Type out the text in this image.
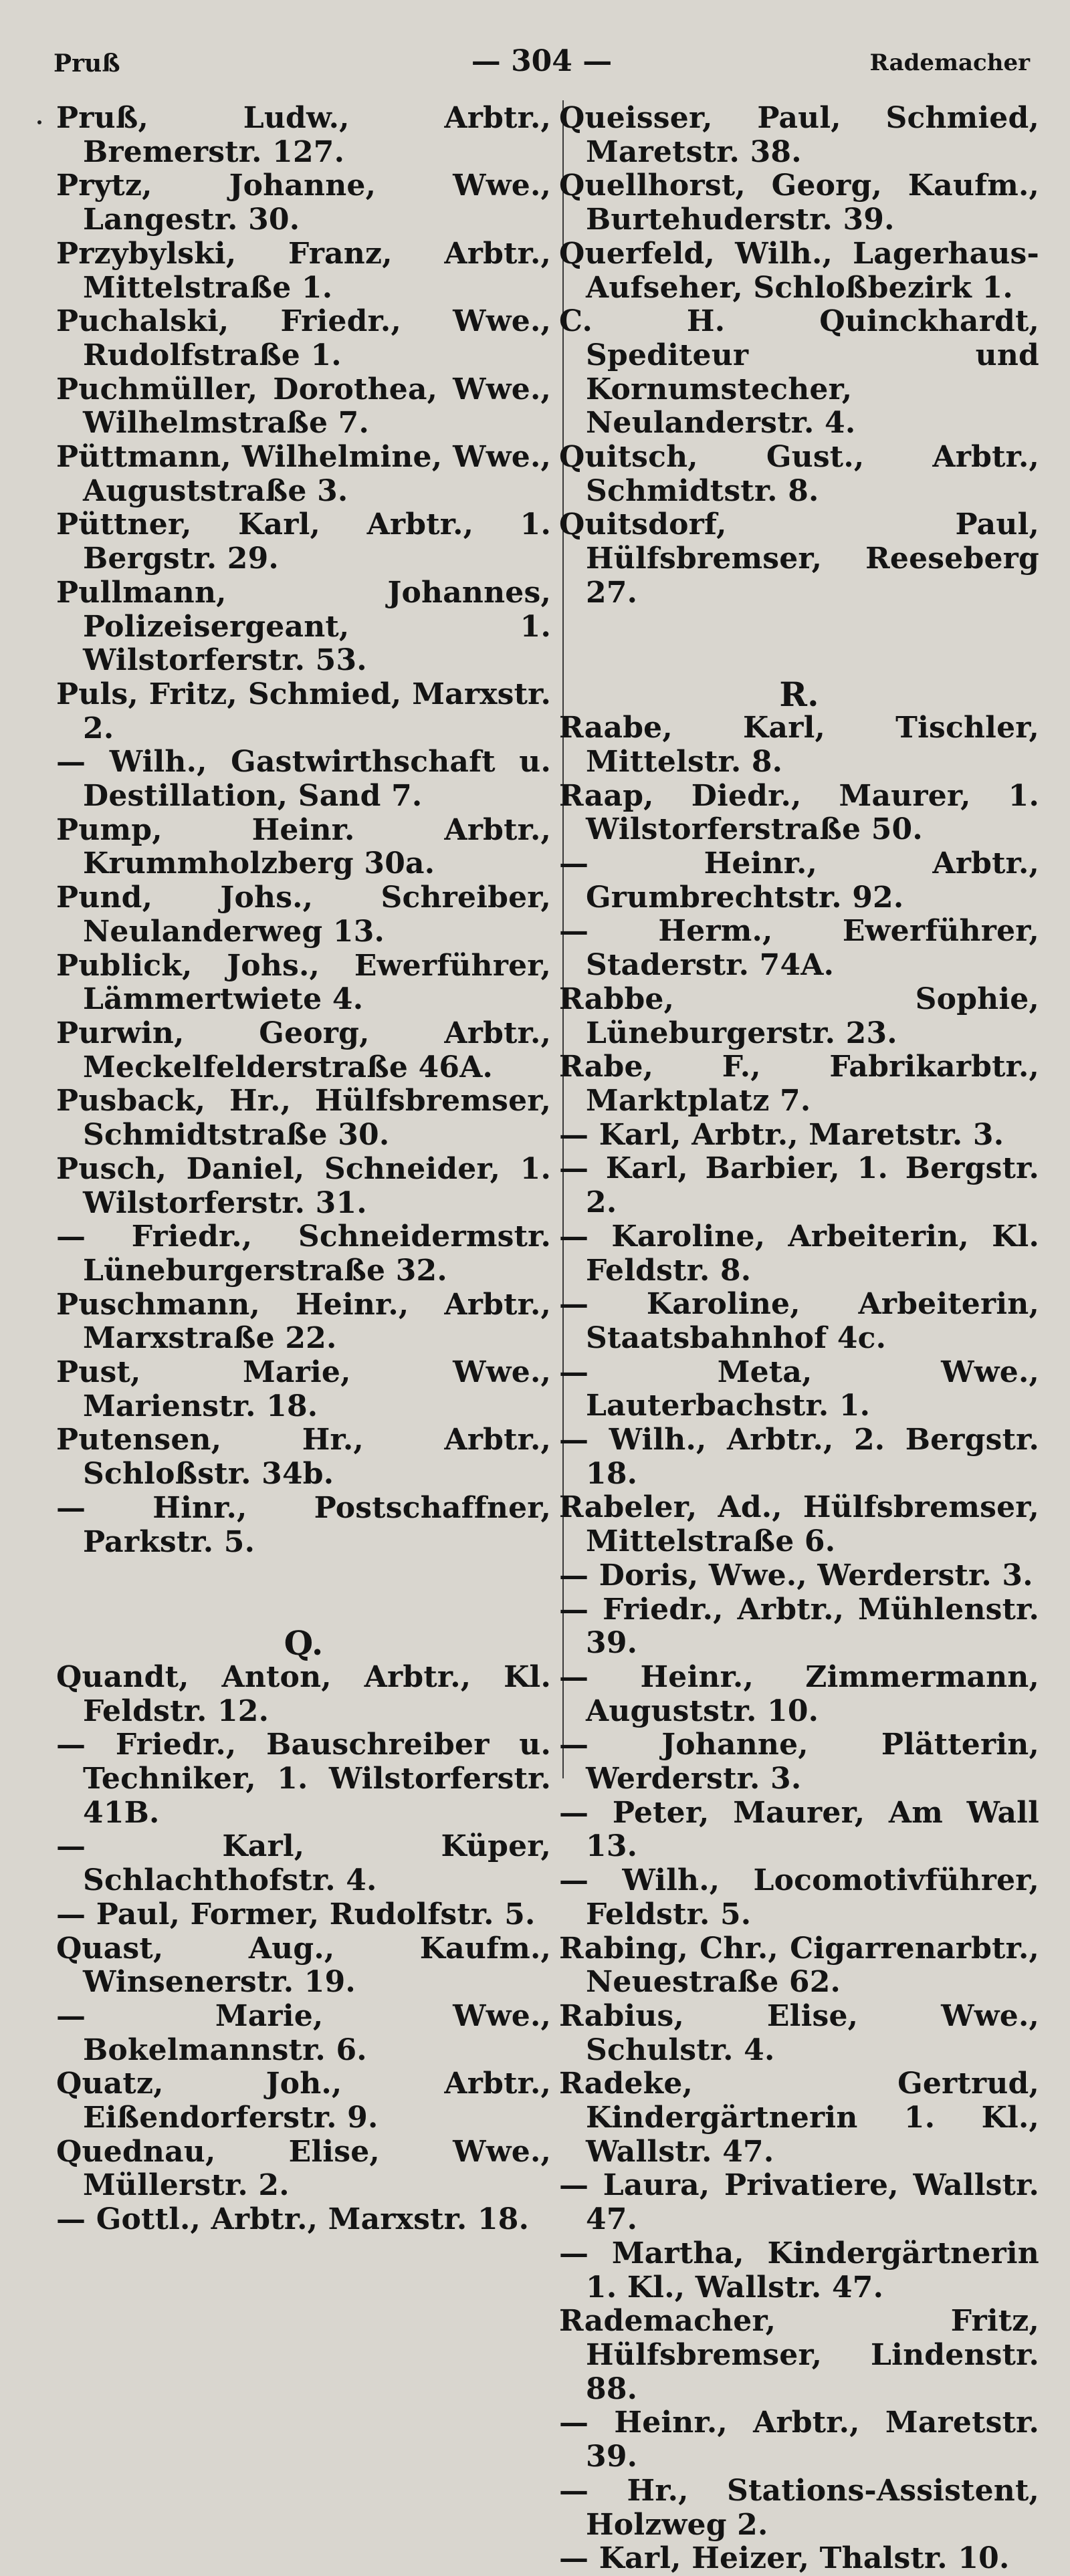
Pruß	— 304 —	Rademacher

Pruß, Ludw., Arbtr., Bremerstr. 127.

Prytz, Johanne, Wwe., Langestr. 30.

Przybylski, Franz, Arbtr., Mittelstraße 1.

Puchalski, Friedr., Wwe., Rudolfstraße 1.

Puchmüller, Dorothea, Wwe., Wilhelmstraße 7.

Püttmann, Wilhelmine, Wwe., Auguststraße 3.

Püttner, Karl, Arbtr., 1. Bergstr. 29.

Pullmann, Johannes, Polizeisergeant, 1. Wilstorferstr. 53.

Puls, Fritz, Schmied, Marxstr. 2.

— Wilh., Gastwirthschaft u. Destillation, Sand 7.

Pump, Heinr. Arbtr., Krummholzberg 30a.

Pund, Johs., Schreiber, Neulanderweg 13.

Publick, Johs., Ewerführer, Lämmertwiete 4.

Purwin, Georg, Arbtr., Meckelfelderstraße 46A.

Pusback, Hr., Hülfsbremser, Schmidtstraße 30.

Pusch, Daniel, Schneider, 1. Wilstorferstr. 31.

— Friedr., Schneidermstr. Lüneburgerstraße 32.

Puschmann, Heinr., Arbtr., Marxstraße 22.

Pust, Marie, Wwe., Marienstr. 18.

Putensen, Hr., Arbtr., Schloßstr. 34b.

— Hinr., Postschaffner, Parkstr. 5.

Q.

Quandt, Anton, Arbtr., Kl. Feldstr. 12.

— Friedr., Bauschreiber u. Techniker, 1. Wilstorferstr. 41B.

— Karl, Küper, Schlachthofstr. 4.

— Paul, Former, Rudolfstr. 5.

Quast, Aug., Kaufm., Winsenerstr. 19.

— Marie, Wwe., Bokelmannstr. 6.

Quatz, Joh., Arbtr., Eißendorferstr. 9.

Quednau, Elise, Wwe., Müllerstr. 2.

— Gottl., Arbtr., Marxstr. 18.

Queisser, Paul, Schmied, Maretstr. 38.

Quellhorst, Georg, Kaufm., Burtehuderstr. 39.

Querfeld, Wilh., Lagerhaus-Aufseher, Schloßbezirk 1.

C. H. Quinckhardt, Spediteur und Kornumstecher, Neulanderstr. 4.

Quitsch, Gust., Arbtr., Schmidtstr. 8.

Quitsdorf, Paul, Hülfsbremser, Reeseberg 27.

R.

Raabe, Karl, Tischler, Mittelstr. 8.

Raap, Diedr., Maurer, 1. Wilstorferstraße 50.

— Heinr., Arbtr., Grumbrechtstr. 92.

— Herm., Ewerführer, Staderstr. 74A.

Rabbe, Sophie, Lüneburgerstr. 23.

Rabe, F., Fabrikarbtr., Marktplatz 7.

— Karl, Arbtr., Maretstr. 3.

— Karl, Barbier, 1. Bergstr. 2.

— Karoline, Arbeiterin, Kl. Feldstr. 8.

— Karoline, Arbeiterin, Staatsbahnhof 4c.

— Meta, Wwe., Lauterbachstr. 1.

— Wilh., Arbtr., 2. Bergstr. 18.

Rabeler, Ad., Hülfsbremser, Mittelstraße 6.

— Doris, Wwe., Werderstr. 3.

— Friedr., Arbtr., Mühlenstr. 39.

— Heinr., Zimmermann, Auguststr. 10.

— Johanne, Plätterin, Werderstr. 3.

— Peter, Maurer, Am Wall 13.

— Wilh., Locomotivführer, Feldstr. 5.

Rabing, Chr., Cigarrenarbtr., Neuestraße 62.

Rabius, Elise, Wwe., Schulstr. 4.

Radeke, Gertrud, Kindergärtnerin 1. Kl., Wallstr. 47.

— Laura, Privatiere, Wallstr. 47.

— Martha, Kindergärtnerin 1. Kl., Wallstr. 47.

Rademacher, Fritz, Hülfsbremser, Lindenstr. 88.

— Heinr., Arbtr., Maretstr. 39.

— Hr., Stations-Assistent, Holzweg 2.

— Karl, Heizer, Thalstr. 10.
